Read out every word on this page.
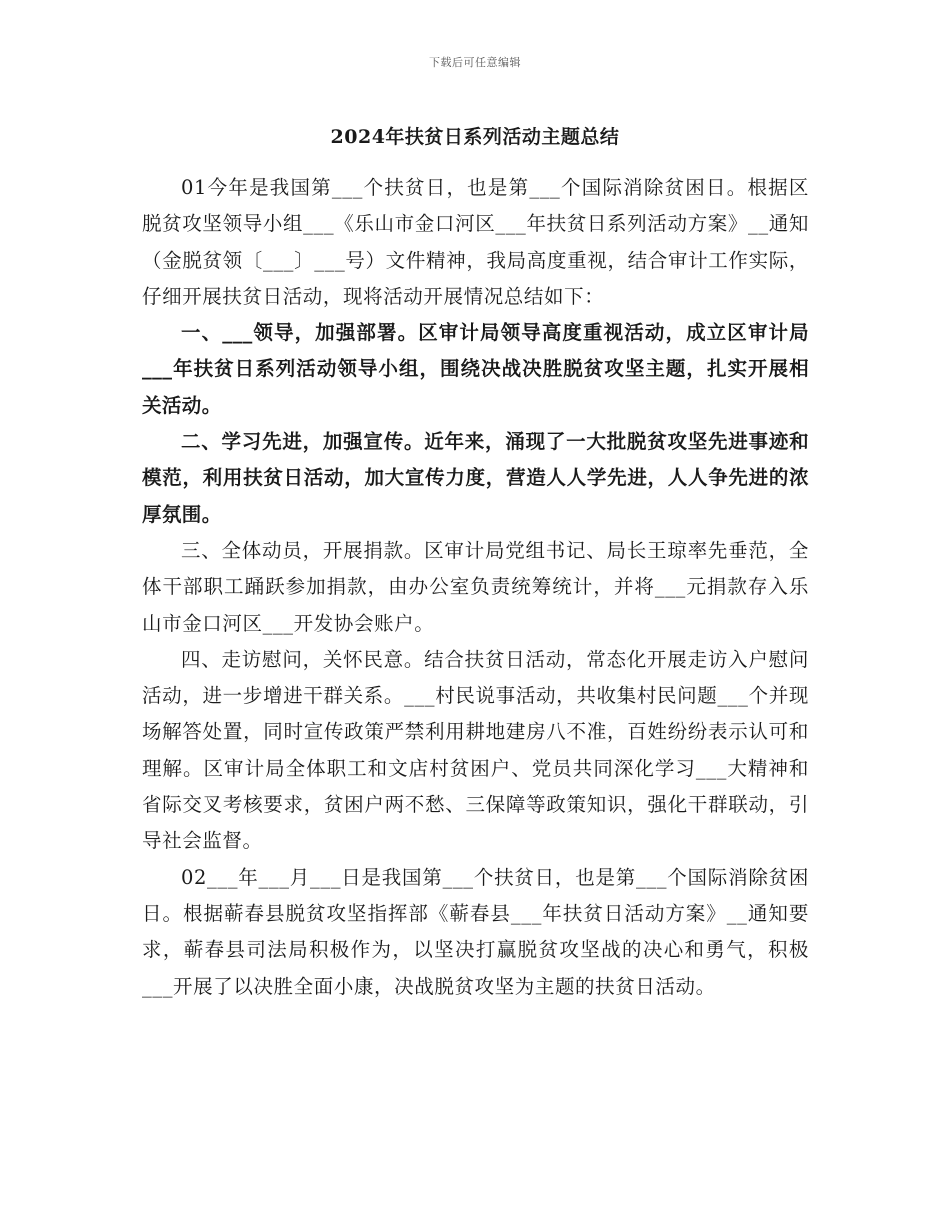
下载后可任意编辑
2024年扶贫日系列活动主题总结

01今年是我国第___个扶贫日，也是第___个国际消除贫困日。根据区脱贫攻坚领导小组___《乐山市金口河区___年扶贫日系列活动方案》__通知（金脱贫领〔___〕___号）文件精神，我局高度重视，结合审计工作实际，仔细开展扶贫日活动，现将活动开展情况总结如下：

一、___领导，加强部署。区审计局领导高度重视活动，成立区审计局___年扶贫日系列活动领导小组，围绕决战决胜脱贫攻坚主题，扎实开展相关活动。

二、学习先进，加强宣传。近年来，涌现了一大批脱贫攻坚先进事迹和模范，利用扶贫日活动，加大宣传力度，营造人人学先进，人人争先进的浓厚氛围。

三、全体动员，开展捐款。区审计局党组书记、局长王琼率先垂范，全体干部职工踊跃参加捐款，由办公室负责统筹统计，并将___元捐款存入乐山市金口河区___开发协会账户。

四、走访慰问，关怀民意。结合扶贫日活动，常态化开展走访入户慰问活动，进一步增进干群关系。___村民说事活动，共收集村民问题___个并现场解答处置，同时宣传政策严禁利用耕地建房八不准，百姓纷纷表示认可和理解。区审计局全体职工和文店村贫困户、党员共同深化学习___大精神和省际交叉考核要求，贫困户两不愁、三保障等政策知识，强化干群联动，引导社会监督。

02___年___月___日是我国第___个扶贫日，也是第___个国际消除贫困日。根据蕲春县脱贫攻坚指挥部《蕲春县___年扶贫日活动方案》__通知要求，蕲春县司法局积极作为，以坚决打赢脱贫攻坚战的决心和勇气，积极___开展了以决胜全面小康，决战脱贫攻坚为主题的扶贫日活动。
